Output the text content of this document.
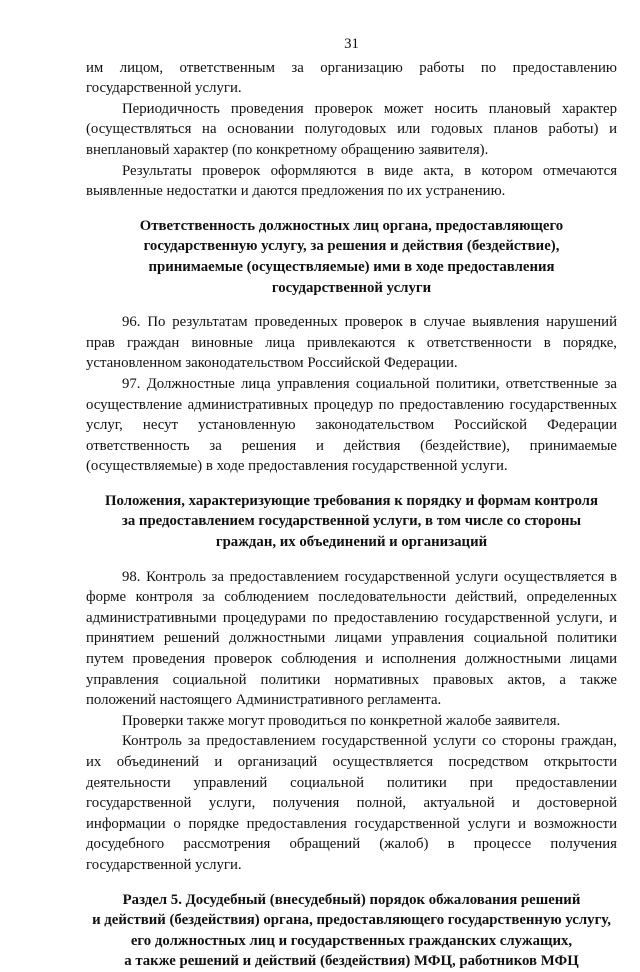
31

им лицом, ответственным за организацию работы по предоставлению государственной услуги.

Периодичность проведения проверок может носить плановый характер (осуществляться на основании полугодовых или годовых планов работы) и внеплановый характер (по конкретному обращению заявителя).

Результаты проверок оформляются в виде акта, в котором отмечаются выявленные недостатки и даются предложения по их устранению.

Ответственность должностных лиц органа, предоставляющего
государственную услугу, за решения и действия (бездействие),
принимаемые (осуществляемые) ими в ходе предоставления
государственной услуги

96. По результатам проведенных проверок в случае выявления нарушений прав граждан виновные лица привлекаются к ответственности в порядке, установленном законодательством Российской Федерации.

97. Должностные лица управления социальной политики, ответственные за осуществление административных процедур по предоставлению государственных услуг, несут установленную законодательством Российской Федерации ответственность за решения и действия (бездействие), принимаемые (осуществляемые) в ходе предоставления государственной услуги.

Положения, характеризующие требования к порядку и формам контроля
за предоставлением государственной услуги, в том числе со стороны
граждан, их объединений и организаций

98. Контроль за предоставлением государственной услуги осуществляется в форме контроля за соблюдением последовательности действий, определенных административными процедурами по предоставлению государственной услуги, и принятием решений должностными лицами управления социальной политики путем проведения проверок соблюдения и исполнения должностными лицами управления социальной политики нормативных правовых актов, а также положений настоящего Административного регламента.

Проверки также могут проводиться по конкретной жалобе заявителя.

Контроль за предоставлением государственной услуги со стороны граждан, их объединений и организаций осуществляется посредством открытости деятельности управлений социальной политики при предоставлении государственной услуги, получения полной, актуальной и достоверной информации о порядке предоставления государственной услуги и возможности досудебного рассмотрения обращений (жалоб) в процессе получения государственной услуги.

Раздел 5. Досудебный (внесудебный) порядок обжалования решений
и действий (бездействия) органа, предоставляющего государственную услугу,
его должностных лиц и государственных гражданских служащих,
а также решений и действий (бездействия) МФЦ, работников МФЦ
